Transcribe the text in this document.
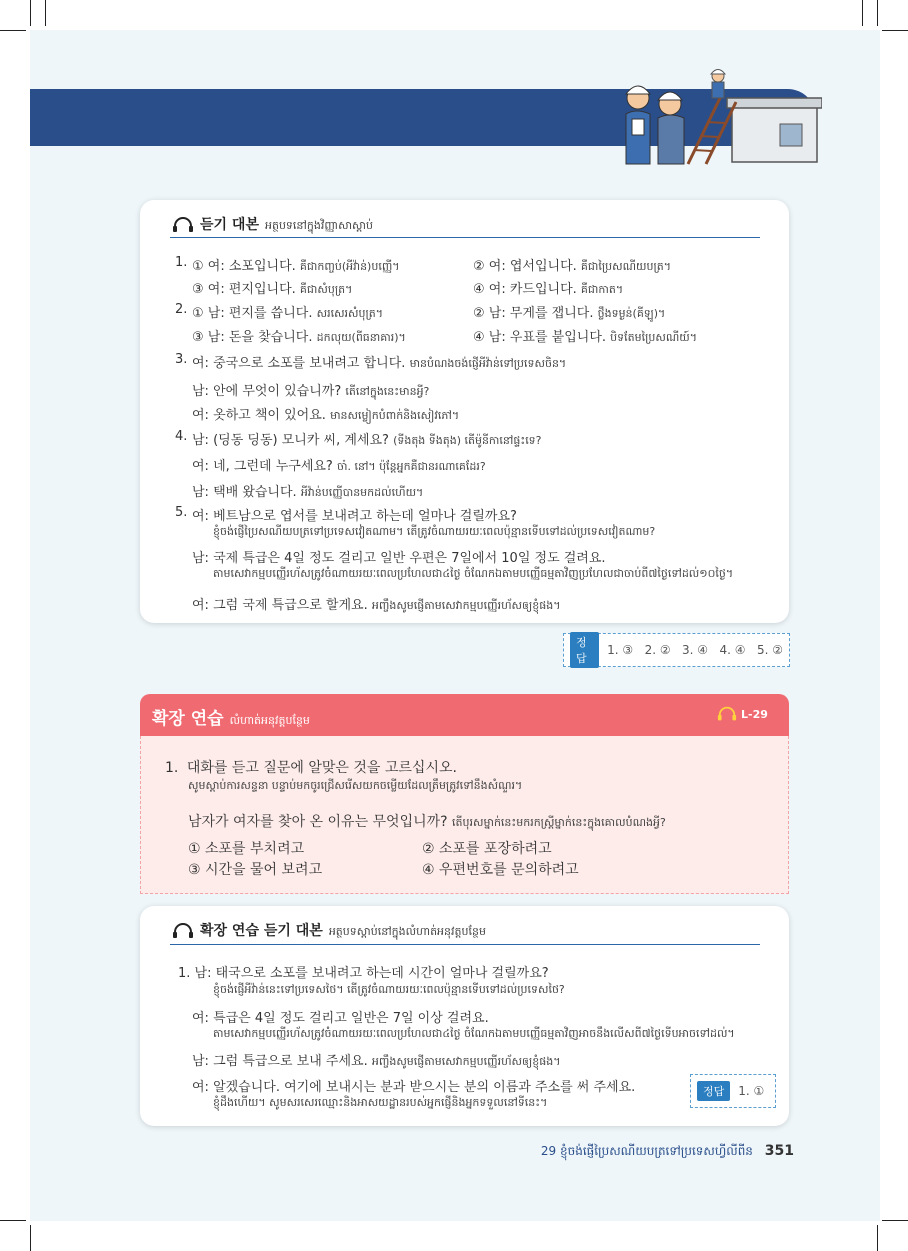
듣기 대본 អត្ថបទនៅក្នុងវិញ្ញាសាស្តាប់
1. ① 여: 소포입니다. គឺជាកញ្ចប់(អីវ៉ាន់)បញ្ញើ។	② 여: 엽서입니다. គឺជាប្រៃសណីយបត្រ។
③ 여: 편지입니다. គឺជាសំបុត្រ។	④ 여: 카드입니다. គឺជាកាត។
2. ① 남: 편지를 씁니다. សរសេរសំបុត្រ។	② 남: 무게를 잽니다. ថ្លឹងទម្ងន់(គីឡូ)។
③ 남: 돈을 찾습니다. ដកលុយ(ពីធនាគារ)។	④ 남: 우표를 붙입니다. បិទតែមប្រៃសណីយ៍។
3. 여: 중국으로 소포를 보내려고 합니다. មានបំណងចង់ផ្ញើអីវ៉ាន់ទៅប្រទេសចិន។
남: 안에 무엇이 있습니까? តើនៅក្នុងនេះមានអ្វី?
여: 옷하고 책이 있어요. មានសម្លៀកបំពាក់និងសៀវភៅ។
4. 남: (딩동 딩동) 모니카 씨, 계세요? (ទីងតុង ទីងតុង) តើម៉ូនីកានៅផ្ទះទេ?
여: 네, 그런데 누구세요? ចា៎. នៅ។ ប៉ុន្តែអ្នកគឺជានរណាគេដែរ?
남: 택배 왔습니다. អីវ៉ាន់បញ្ញើបានមកដល់ហើយ។
5. 여: 베트남으로 엽서를 보내려고 하는데 얼마나 걸릴까요?
ខ្ញុំចង់ផ្ញើប្រៃសណីយបត្រទៅប្រទេសវៀតណាម។ តើត្រូវចំណាយរយៈពេលប៉ុន្មានទើបទៅដល់ប្រទេសវៀតណាម?
남: 국제 특급은 4일 정도 걸리고 일반 우편은 7일에서 10일 정도 걸려요.
តាមសេវាកម្មបញ្ញើរហ័សត្រូវចំណាយរយៈពេលប្រហែលជា៤ថ្ងៃ ចំណែកឯតាមបញ្ញើធម្មតាវិញប្រហែលជាចាប់ពី៧ថ្ងៃទៅដល់១០ថ្ងៃ។
여: 그럼 국제 특급으로 할게요. អញ្ចឹងសូមផ្ញើតាមសេវាកម្មបញ្ញើរហ័សឲ្យខ្ញុំផង។
정답
1. ③   2. ②   3. ④   4. ④   5. ②
확장 연습 លំហាត់អនុវត្តបន្ថែម	L-29
1. 대화를 듣고 질문에 알맞은 것을 고르십시오.
សូមស្តាប់ការសន្ទនា បន្ទាប់មកចូរជ្រើសរើសយកចម្លើយដែលត្រឹមត្រូវទៅនឹងសំណួរ។
남자가 여자를 찾아 온 이유는 무엇입니까? តើបុរសម្នាក់នេះមករកស្ត្រីម្នាក់នេះក្នុងគោលបំណងអ្វី?
① 소포를 부치려고	② 소포를 포장하려고
③ 시간을 물어 보려고	④ 우편번호를 문의하려고
확장 연습 듣기 대본 អត្ថបទស្តាប់នៅក្នុងលំហាត់អនុវត្តបន្ថែម
1. 남: 태국으로 소포를 보내려고 하는데 시간이 얼마나 걸릴까요?
ខ្ញុំចង់ផ្ញើអីវ៉ាន់នេះទៅប្រទេសថៃ។ តើត្រូវចំណាយរយៈពេលប៉ុន្មានទើបទៅដល់ប្រទេសថៃ?
여: 특급은 4일 정도 걸리고 일반은 7일 이상 걸려요.
តាមសេវាកម្មបញ្ញើរហ័សត្រូវចំណាយរយៈពេលប្រហែលជា៤ថ្ងៃ ចំណែកឯតាមបញ្ញើធម្មតាវិញអាចនឹងលើសពី៧ថ្ងៃទើបអាចទៅដល់។
남: 그럼 특급으로 보내 주세요. អញ្ចឹងសូមផ្ញើតាមសេវាកម្មបញ្ញើរហ័សឲ្យខ្ញុំផង។
여: 알겠습니다. 여기에 보내시는 분과 받으시는 분의 이름과 주소를 써 주세요.
ខ្ញុំដឹងហើយ។ សូមសរសេរឈ្មោះនិងអាសយដ្ឋានរបស់អ្នកផ្ញើនិងអ្នកទទួលនៅទីនេះ។
정답	1. ①
29 ខ្ញុំចង់ផ្ញើប្រៃសណីយបត្រទៅប្រទេសហ្វីលីពីន 351
